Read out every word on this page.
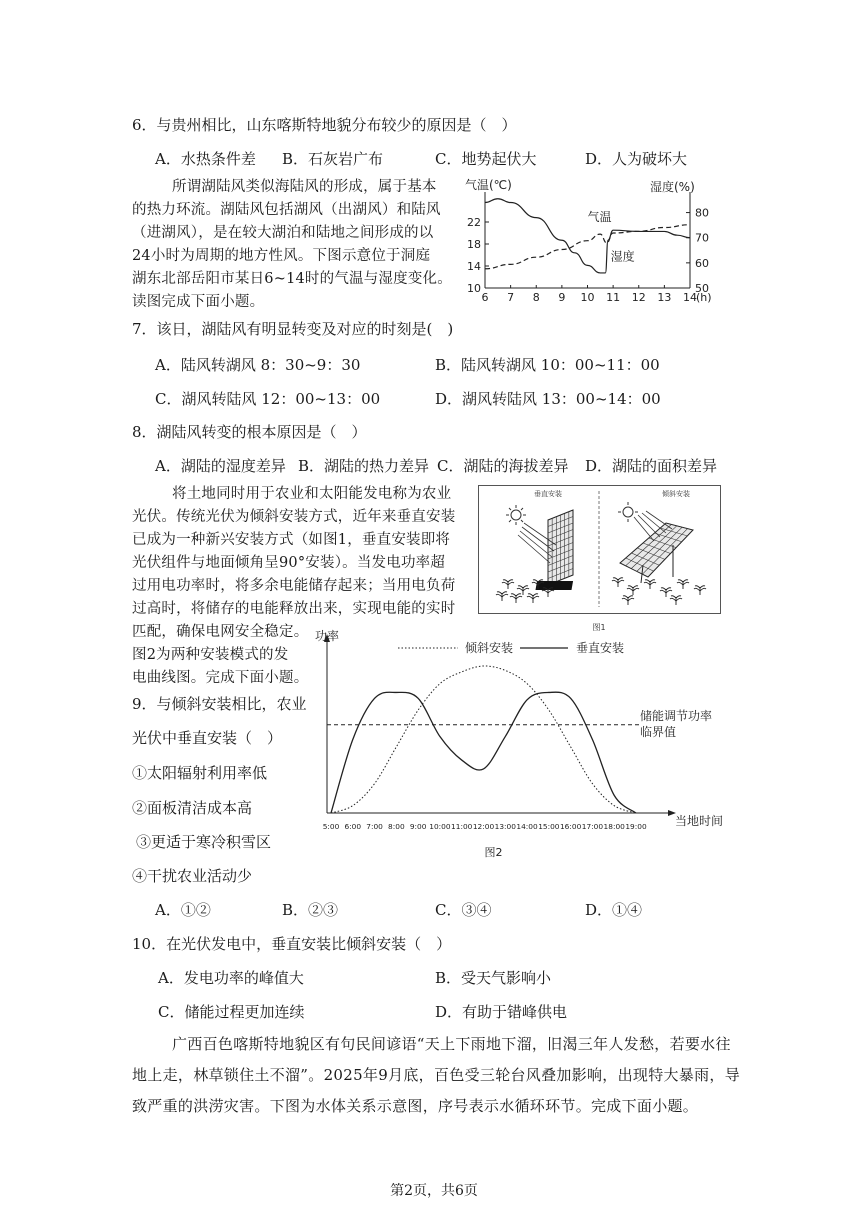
6．与贵州相比，山东喀斯特地貌分布较少的原因是（　）
A．水热条件差 B．石灰岩广布	C．地势起伏大	D．人为破坏大
所谓湖陆风类似海陆风的形成，属于基本
的热力环流。湖陆风包括湖风（出湖风）和陆风
（进湖风），是在较大湖泊和陆地之间形成的以
24小时为周期的地方性风。下图示意位于洞庭
湖东北部岳阳市某日6~14时的气温与湿度变化。
读图完成下面小题。
气温(℃)	湿度(%)
10
14
18
22
50
60
70
80
6 7 8 9 10 11 12 13 14 (h)
气温
湿度
7．该日，湖陆风有明显转变及对应的时刻是(　)
A．陆风转湖风 8：30~9：30	B．陆风转湖风 10：00~11：00
C．湖风转陆风 12：00~13：00	D．湖风转陆风 13：00~14：00
8．湖陆风转变的根本原因是（　）
A．湖陆的湿度差异 B．湖陆的热力差异 C．湖陆的海拔差异 D．湖陆的面积差异
将土地同时用于农业和太阳能发电称为农业
光伏。传统光伏为倾斜安装方式，近年来垂直安装
已成为一种新兴安装方式（如图1，垂直安装即将
光伏组件与地面倾角呈90°安装）。当发电功率超
过用电功率时，将多余电能储存起来；当用电负荷
过高时，将储存的电能释放出来，实现电能的实时
匹配，确保电网安全稳定。
图2为两种安装模式的发
电曲线图。完成下面小题。
垂直安装	倾斜安装
图1
功率
当地时间
5:00 6:00 7:00 8:00 9:00 10:00 11:00 12:00 13:00 14:00 15:00 16:00 17:00 18:00 19:00
储能调节功率
临界值
倾斜安装	垂直安装
图2
9．与倾斜安装相比，农业
光伏中垂直安装（　）
①太阳辐射利用率低
②面板清洁成本高
③更适于寒冷积雪区
④干扰农业活动少
A．①②	B．②③	C．③④	D．①④
10．在光伏发电中，垂直安装比倾斜安装（　）
A．发电功率的峰值大	B．受天气影响小
C．储能过程更加连续	D．有助于错峰供电
广西百色喀斯特地貌区有句民间谚语“天上下雨地下溜，旧渴三年人发愁，若要水往
地上走，林草锁住土不溜”。2025年9月底，百色受三轮台风叠加影响，出现特大暴雨，导
致严重的洪涝灾害。下图为水体关系示意图，序号表示水循环环节。完成下面小题。
第2页，共6页
